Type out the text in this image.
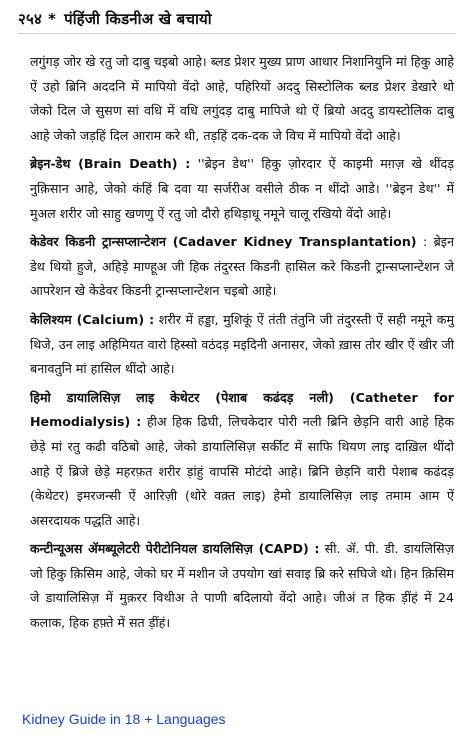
२५४ * पंहिंजी किडनीअ खे बचायो

लगुंगड़ जोर खे रतु जो दाबु चइबो आहे। ब्लड प्रेशर मुख्य प्राण आधार निशानियुनि मां हिकु आहे ऐं उहो ब्रिनि अददनि में मापियो वेंदो आहे, पहिरियों अददु सिस्टोलिक ब्लड प्रेशर डेखारे थो जेको दिल जे सुसण सां वधि में वधि लगुंदड़ दाबु मापिजे थो ऐं ब्रियो अददु डायस्टोलिक दाबु आहे जेको जड़हिं दिल आराम करे थी, तड़हिं दक-दक जे विच में मापियो वेंदो आहे।

ब्रेइन-डेथ (Brain Death) : ''ब्रेइन डेथ'' हिकु ज़ोरदार ऐं काइमी मग़ज़ खे थींदड़ नुक़िसान आहे, जेको कंहिं बि दवा या सर्जरीअ वसीले ठीक न थींदो आडे। ''ब्रेइन डेथ'' में मुअल शरीर जो साहु खणणु ऐं रतु जो दौरो हथिड़ाधू नमूने चालू रखियो वेंदो आहे।

केडेवर किडनी ट्रान्सप्लान्टेशन (Cadaver Kidney Transplantation) : ब्रेइन डेथ थियो हुजे, अहिड़े माण्हूअ जी हिक तंदुरस्त किडनी हासिल करे किडनी ट्रान्सप्लान्टेशन जे आपरेशन खे केडेवर किडनी ट्रान्सप्लान्टेशन चइबो आहे।

केलिश्यम (Calcium) : शरीर में हड्डा, मुशिकूं ऐं तंती तंतुनि जी तंदुरस्ती ऐं सही नमूने कमु थिजे, उन लाइ अहिमियत वारो हिस्सो वठंदड़ मइदिनी अनासर, जेको ख़ास तोर खीर ऐं खीर जी बनावतुनि मां हासिल थींदो आहे।

हिमो डायालिसिज़ लाइ केथेटर (पेशाब कढंदड़ नली) (Catheter for Hemodialysis) : हीअ हिक ढिघी, लिचकेदार पोरी नली ब्रिनि छेड़नि वारी आहे हिक छेड़े मां रतु कढी वठिबो आहे, जेको डायालिसिज़ सर्कीट में साफि थियण लाइ दाख़िल थींदो आहे ऐं ब्रिजे छेड़े महरफ़त शरीर ड़ांहुं वापसि मोटंदो आहे। ब्रिनि छेड़नि वारी पेशाब कढंदड़ (केथेटर) इमरजन्सी ऐं आरिज़ी (थोरे वक़्त लाइ) हेमो डायालिसिज़ लाइ तमाम आम ऐं असरदायक पद्धति आहे।

कन्टीन्यूअस ॲमब्यूलेटरी पेरीटोनियल डायलिसिज़ (CAPD) : सी. ॲ. पी. डी. डायलिसिज़ जो हिकु क़िसिम आहे, जेको घर में मशीन जे उपयोग खां सवाइ ब्रि करे सघिजे थो। हिन क़िसिम जे डायालिसिज़ में मुक़रर विथीअ ते पाणी बदिलायो वेंदो आहे। जीअं त हिक ड़ींहं में 24 कलाक, हिक हफ़्ते में सत ड़ींहं।

Kidney Guide in 18 + Languages
